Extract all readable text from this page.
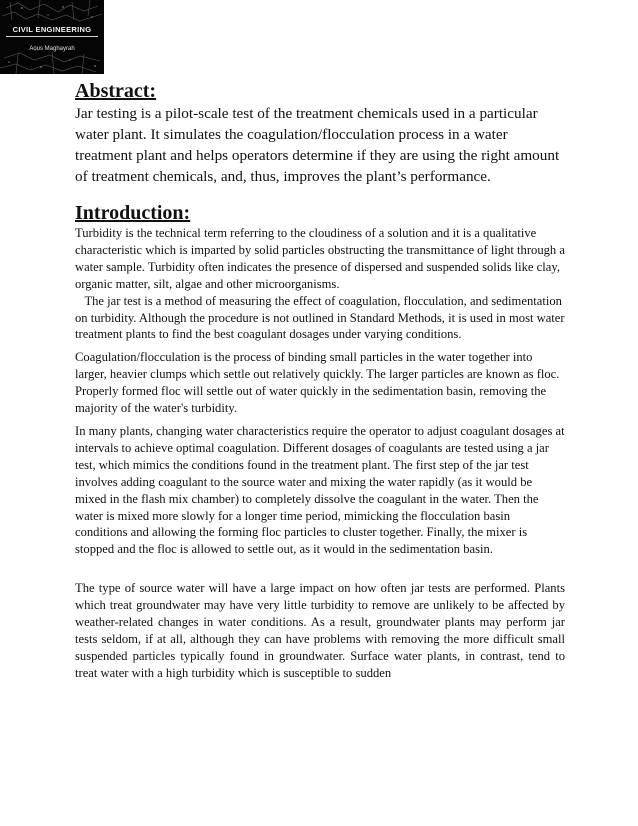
CIVIL ENGINEERING
Aous Maghayrah
Abstract:

Jar testing is a pilot-scale test of the treatment chemicals used in a particular water plant. It simulates the coagulation/flocculation process in a water treatment plant and helps operators determine if they are using the right amount of treatment chemicals, and, thus, improves the plant’s performance.

Introduction:

Turbidity is the technical term referring to the cloudiness of a solution and it is a qualitative characteristic which is imparted by solid particles obstructing the transmittance of light through a water sample. Turbidity often indicates the presence of dispersed and suspended solids like clay, organic matter, silt, algae and other microorganisms.

The jar test is a method of measuring the effect of coagulation, flocculation, and sedimentation on turbidity. Although the procedure is not outlined in Standard Methods, it is used in most water treatment plants to find the best coagulant dosages under varying conditions.

Coagulation/flocculation is the process of binding small particles in the water together into larger, heavier clumps which settle out relatively quickly. The larger particles are known as floc. Properly formed floc will settle out of water quickly in the sedimentation basin, removing the majority of the water's turbidity.

In many plants, changing water characteristics require the operator to adjust coagulant dosages at intervals to achieve optimal coagulation. Different dosages of coagulants are tested using a jar test, which mimics the conditions found in the treatment plant. The first step of the jar test involves adding coagulant to the source water and mixing the water rapidly (as it would be mixed in the flash mix chamber) to completely dissolve the coagulant in the water. Then the water is mixed more slowly for a longer time period, mimicking the flocculation basin conditions and allowing the forming floc particles to cluster together. Finally, the mixer is stopped and the floc is allowed to settle out, as it would in the sedimentation basin.

The type of source water will have a large impact on how often jar tests are performed. Plants which treat groundwater may have very little turbidity to remove are unlikely to be affected by weather-related changes in water conditions. As a result, groundwater plants may perform jar tests seldom, if at all, although they can have problems with removing the more difficult small suspended particles typically found in groundwater. Surface water plants, in contrast, tend to treat water with a high turbidity which is susceptible to sudden
